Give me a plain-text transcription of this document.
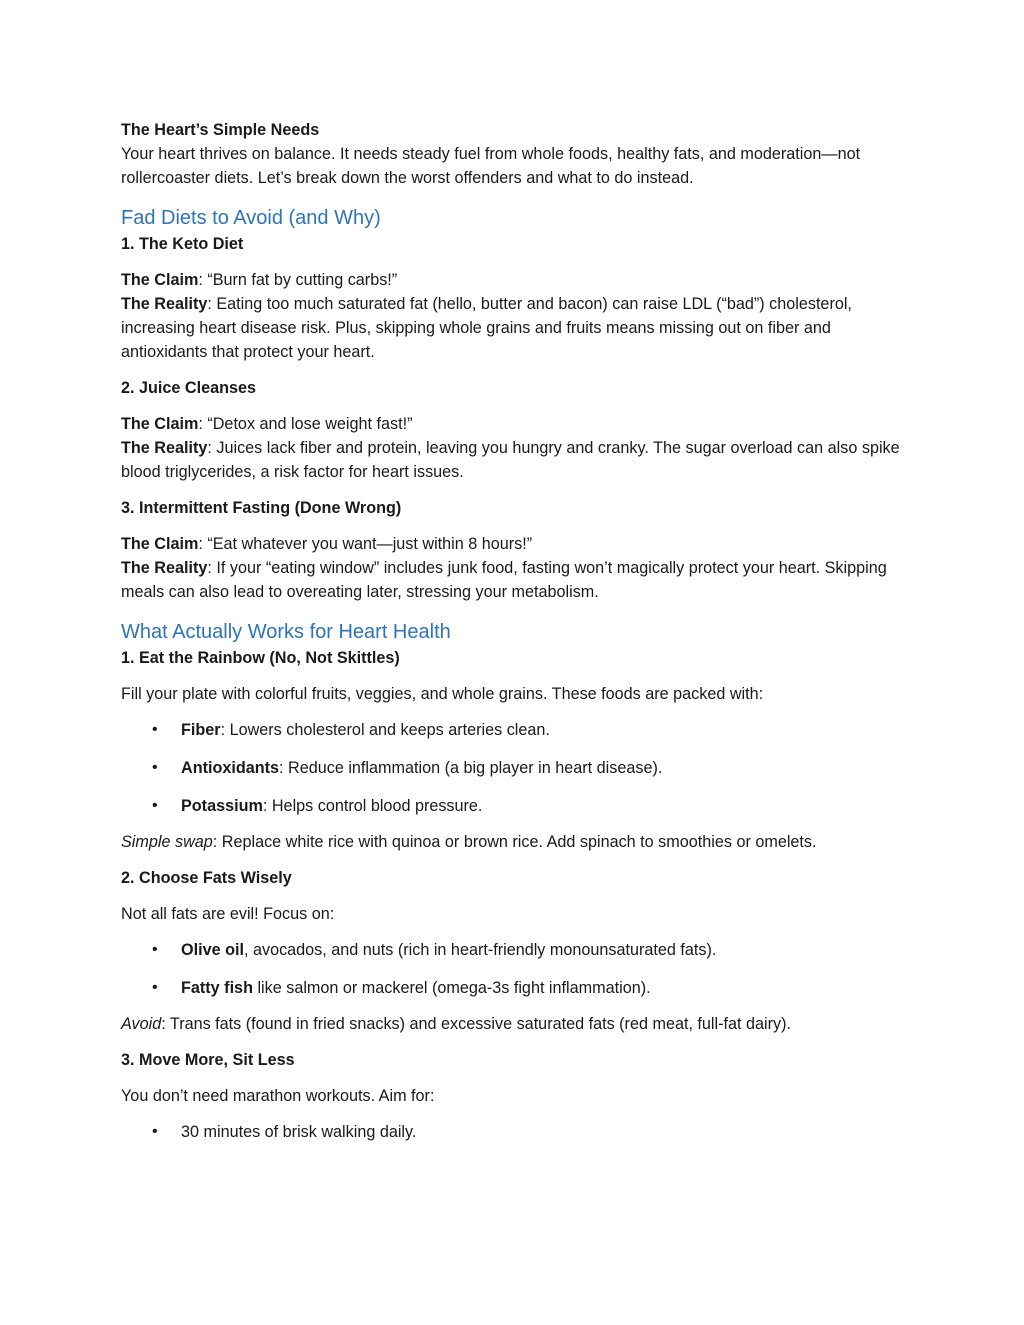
The Heart’s Simple Needs

Your heart thrives on balance. It needs steady fuel from whole foods, healthy fats, and moderation—not rollercoaster diets. Let’s break down the worst offenders and what to do instead.

Fad Diets to Avoid (and Why)

1. The Keto Diet

The Claim: “Burn fat by cutting carbs!”

The Reality: Eating too much saturated fat (hello, butter and bacon) can raise LDL (“bad”) cholesterol, increasing heart disease risk. Plus, skipping whole grains and fruits means missing out on fiber and antioxidants that protect your heart.

2. Juice Cleanses

The Claim: “Detox and lose weight fast!”

The Reality: Juices lack fiber and protein, leaving you hungry and cranky. The sugar overload can also spike blood triglycerides, a risk factor for heart issues.

3. Intermittent Fasting (Done Wrong)

The Claim: “Eat whatever you want—just within 8 hours!”

The Reality: If your “eating window” includes junk food, fasting won’t magically protect your heart. Skipping meals can also lead to overeating later, stressing your metabolism.

What Actually Works for Heart Health

1. Eat the Rainbow (No, Not Skittles)

Fill your plate with colorful fruits, veggies, and whole grains. These foods are packed with:

• Fiber: Lowers cholesterol and keeps arteries clean.
• Antioxidants: Reduce inflammation (a big player in heart disease).
• Potassium: Helps control blood pressure.

Simple swap: Replace white rice with quinoa or brown rice. Add spinach to smoothies or omelets.

2. Choose Fats Wisely

Not all fats are evil! Focus on:

• Olive oil, avocados, and nuts (rich in heart-friendly monounsaturated fats).
• Fatty fish like salmon or mackerel (omega-3s fight inflammation).

Avoid: Trans fats (found in fried snacks) and excessive saturated fats (red meat, full-fat dairy).

3. Move More, Sit Less

You don’t need marathon workouts. Aim for:

• 30 minutes of brisk walking daily.
